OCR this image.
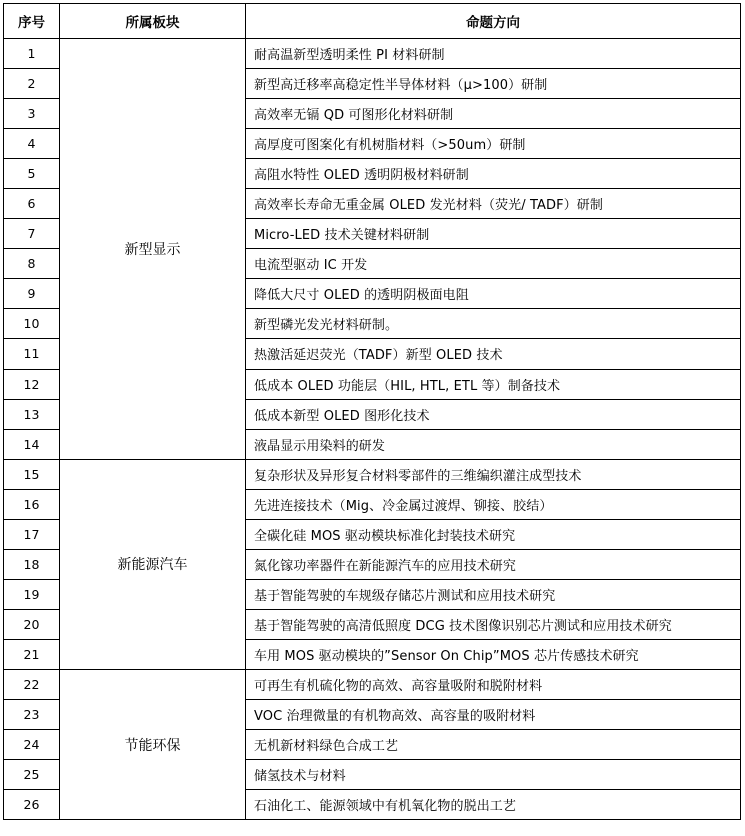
序号	所属板块	命题方向
1	新型显示	耐高温新型透明柔性 PI 材料研制
2		新型高迁移率高稳定性半导体材料（μ>100）研制
3		高效率无镉 QD 可图形化材料研制
4		高厚度可图案化有机树脂材料（>50um）研制
5		高阻水特性 OLED 透明阴极材料研制
6		高效率长寿命无重金属 OLED 发光材料（荧光/ TADF）研制
7		Micro-LED 技术关键材料研制
8		电流型驱动 IC 开发
9		降低大尺寸 OLED 的透明阴极面电阻
10		新型磷光发光材料研制。
11		热激活延迟荧光（TADF）新型 OLED 技术
12		低成本 OLED 功能层（HIL, HTL, ETL 等）制备技术
13		低成本新型 OLED 图形化技术
14		液晶显示用染料的研发
15	新能源汽车	复杂形状及异形复合材料零部件的三维编织灌注成型技术
16		先进连接技术（Mig、冷金属过渡焊、铆接、胶结）
17		全碳化硅 MOS 驱动模块标准化封装技术研究
18		氮化镓功率器件在新能源汽车的应用技术研究
19		基于智能驾驶的车规级存储芯片测试和应用技术研究
20		基于智能驾驶的高清低照度 DCG 技术图像识别芯片测试和应用技术研究
21		车用 MOS 驱动模块的”Sensor On Chip”MOS 芯片传感技术研究
22	节能环保	可再生有机硫化物的高效、高容量吸附和脱附材料
23		VOC 治理微量的有机物高效、高容量的吸附材料
24		无机新材料绿色合成工艺
25		储氢技术与材料
26		石油化工、能源领域中有机氧化物的脱出工艺
